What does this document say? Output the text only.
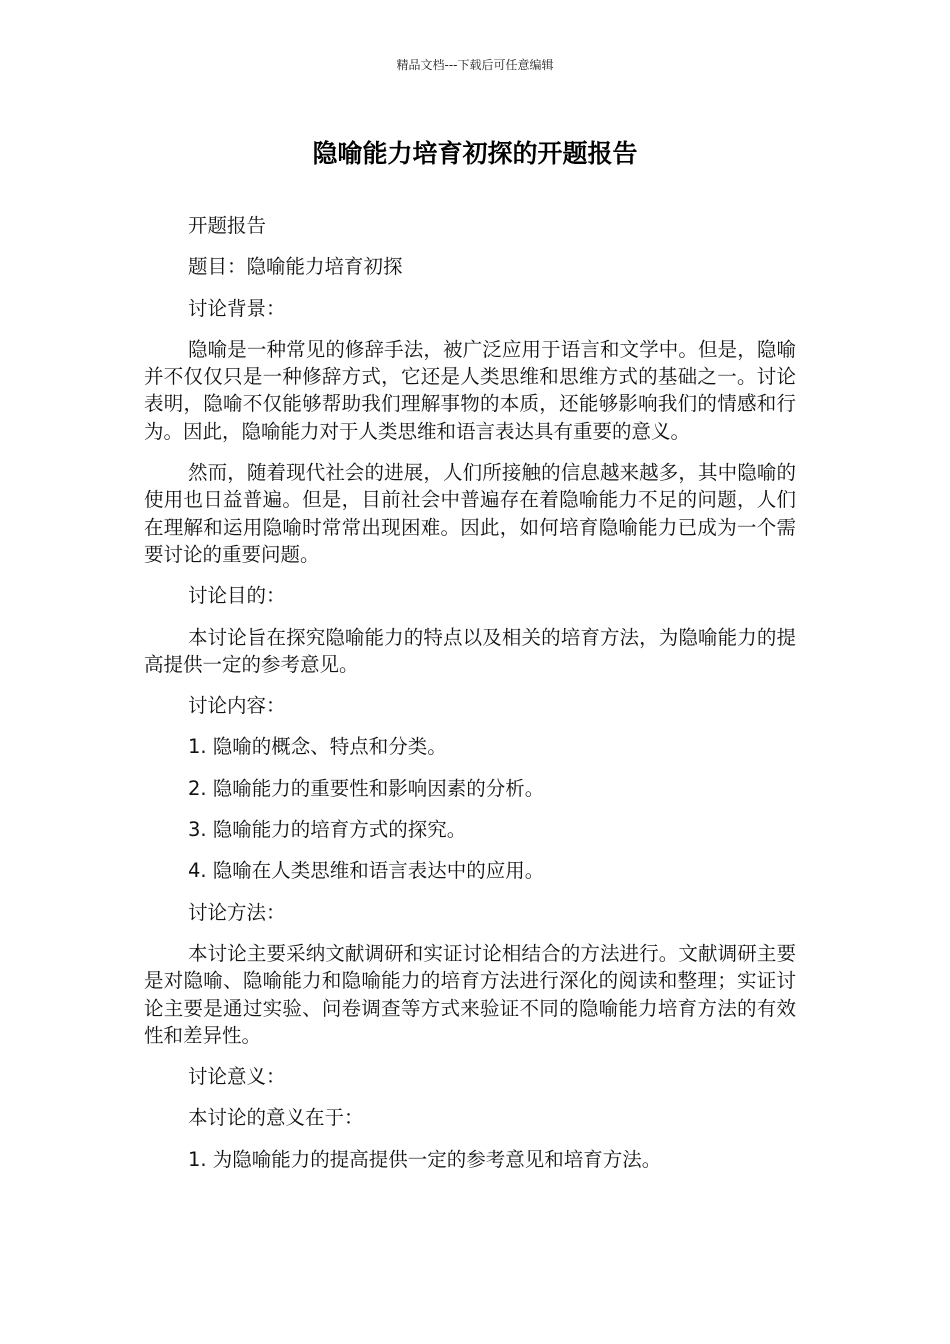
精品文档---下载后可任意编辑
隐喻能力培育初探的开题报告

开题报告

题目：隐喻能力培育初探

讨论背景：

隐喻是一种常见的修辞手法，被广泛应用于语言和文学中。但是，隐喻并不仅仅只是一种修辞方式，它还是人类思维和思维方式的基础之一。讨论表明，隐喻不仅能够帮助我们理解事物的本质，还能够影响我们的情感和行为。因此，隐喻能力对于人类思维和语言表达具有重要的意义。

然而，随着现代社会的进展，人们所接触的信息越来越多，其中隐喻的使用也日益普遍。但是，目前社会中普遍存在着隐喻能力不足的问题，人们在理解和运用隐喻时常常出现困难。因此，如何培育隐喻能力已成为一个需要讨论的重要问题。

讨论目的：

本讨论旨在探究隐喻能力的特点以及相关的培育方法，为隐喻能力的提高提供一定的参考意见。

讨论内容：

1. 隐喻的概念、特点和分类。

2. 隐喻能力的重要性和影响因素的分析。

3. 隐喻能力的培育方式的探究。

4. 隐喻在人类思维和语言表达中的应用。

讨论方法：

本讨论主要采纳文献调研和实证讨论相结合的方法进行。文献调研主要是对隐喻、隐喻能力和隐喻能力的培育方法进行深化的阅读和整理；实证讨论主要是通过实验、问卷调查等方式来验证不同的隐喻能力培育方法的有效性和差异性。

讨论意义：

本讨论的意义在于：

1. 为隐喻能力的提高提供一定的参考意见和培育方法。
